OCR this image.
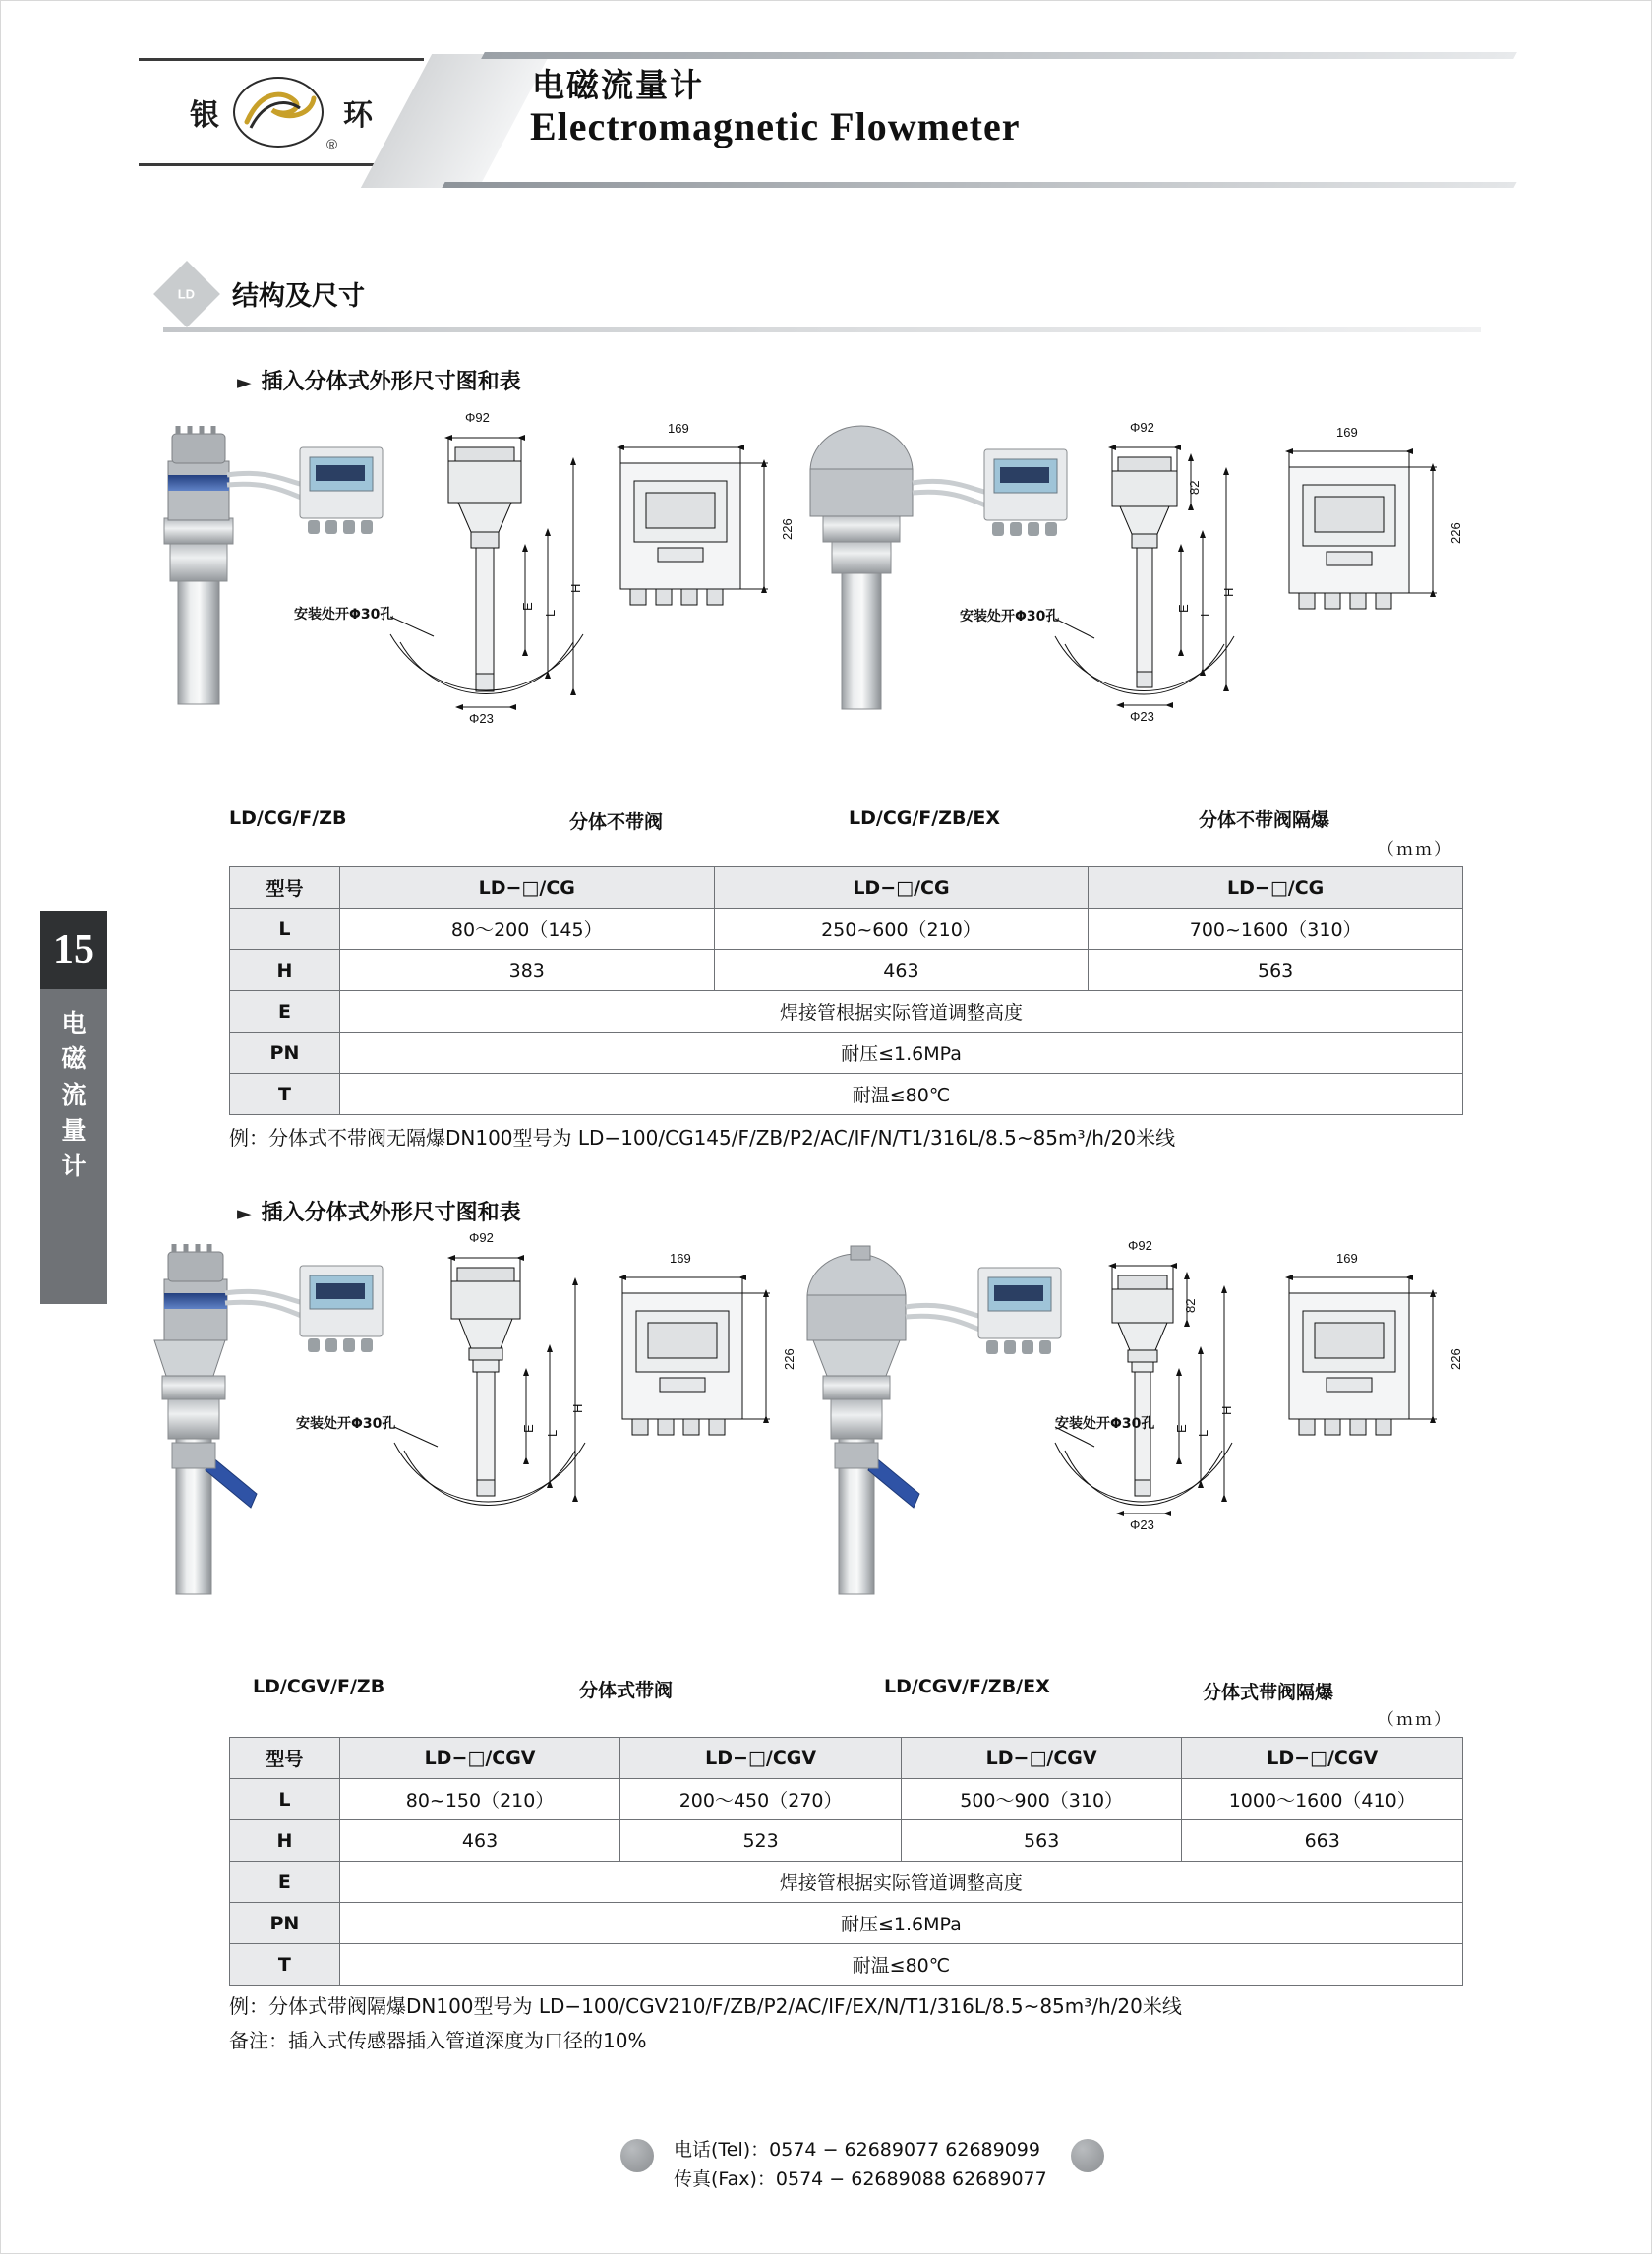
银
®
环
电磁流量计
Electromagnetic Flowmeter
LD 结构及尺寸
15
电
磁
流
量
计
► 插入分体式外形尺寸图和表
Φ92
Φ23
169
226
E
L
H
安装处开Φ30孔
Φ92
Φ23
82
169
226
E
L
H
安装处开Φ30孔
LD/CG/F/ZB	分体不带阀	LD/CG/F/ZB/EX	分体不带阀隔爆
（ｍｍ）
型号	LD−□/CG	LD−□/CG	LD−□/CG
L	80～200（145）	250~600（210）	700~1600（310）
H	383	463	563
E	焊接管根据实际管道调整高度		
PN	耐压≤1.6MPa		
T	耐温≤80℃		
例：分体式不带阀无隔爆DN100型号为 LD−100/CG145/F/ZB/P2/AC/IF/N/T1/316L/8.5~85m³/h/20米线
► 插入分体式外形尺寸图和表
Φ92
169
226
E
L
H
安装处开Φ30孔
Φ92
169
82
226
E
L
H
安装处开Φ30孔
Φ23
LD/CGV/F/ZB	分体式带阀	LD/CGV/F/ZB/EX	分体式带阀隔爆
（ｍｍ）
型号	LD−□/CGV	LD−□/CGV	LD−□/CGV	LD−□/CGV
L	80~150（210）	200～450（270）	500～900（310）	1000～1600（410）
H	463	523	563	663
E	焊接管根据实际管道调整高度			
PN	耐压≤1.6MPa			
T	耐温≤80℃			
例：分体式带阀隔爆DN100型号为 LD−100/CGV210/F/ZB/P2/AC/IF/EX/N/T1/316L/8.5~85m³/h/20米线
备注：插入式传感器插入管道深度为口径的10%
电话(Tel)：0574 − 62689077 62689099
传真(Fax)：0574 − 62689088 62689077
